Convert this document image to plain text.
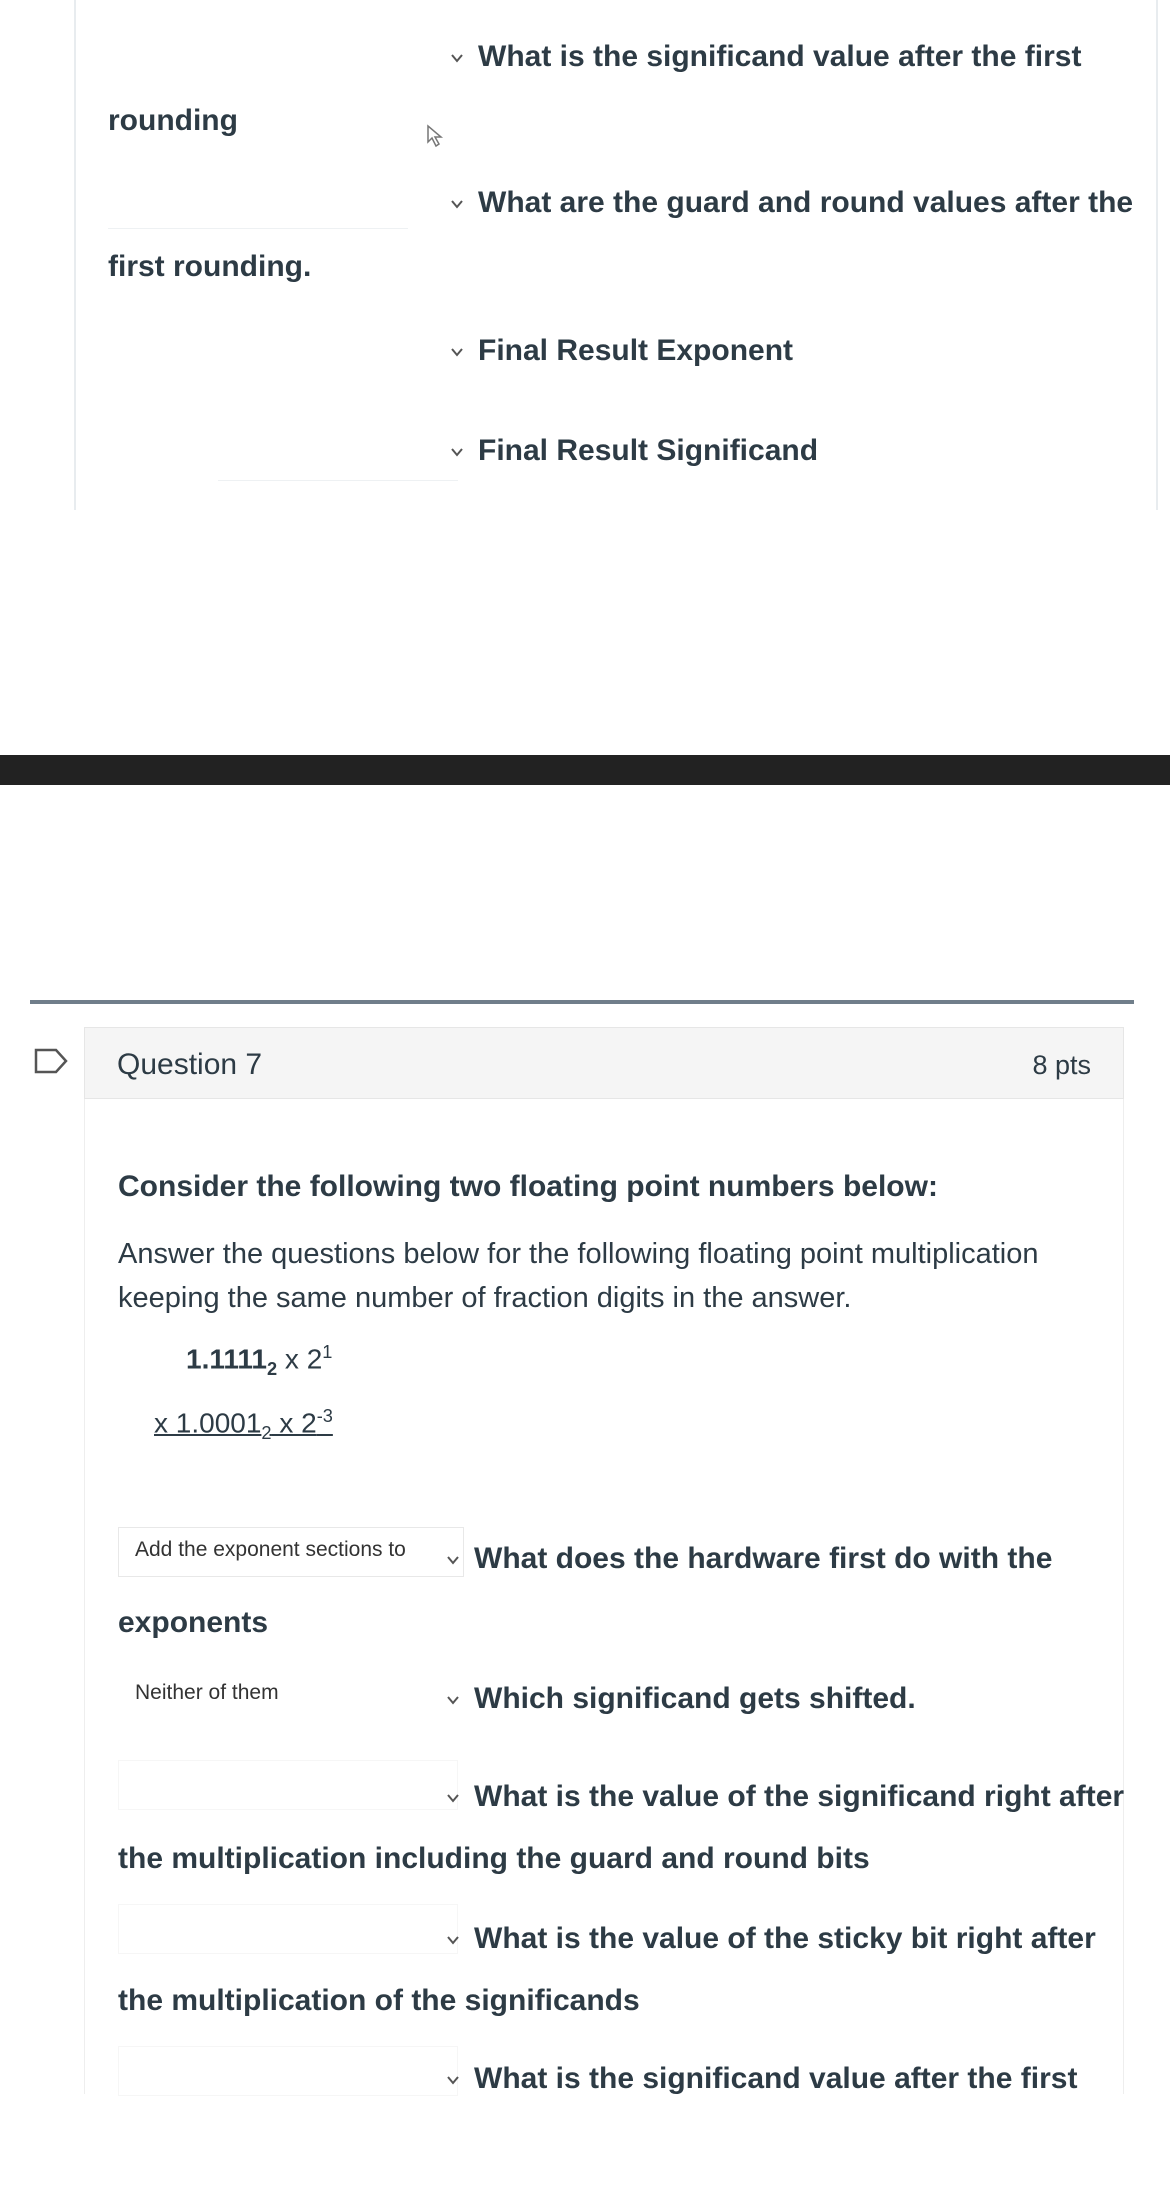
What is the significand value after the first
rounding
What are the guard and round values after the
first rounding.
Final Result Exponent
Final Result Significand
Question 7	8 pts
Consider the following two floating point numbers below:
Answer the questions below for the following floating point multiplication keeping the same number of fraction digits in the answer.
$1.1111_2$ x $2^1$
x $1.0001_2$ x $2^{-3}$
Add the exponent sections to	What does the hardware first do with the
exponents
Neither of them	Which significand gets shifted.
What is the value of the significand right after
the multiplication including the guard and round bits
What is the value of the sticky bit right after
the multiplication of the significands
What is the significand value after the first
